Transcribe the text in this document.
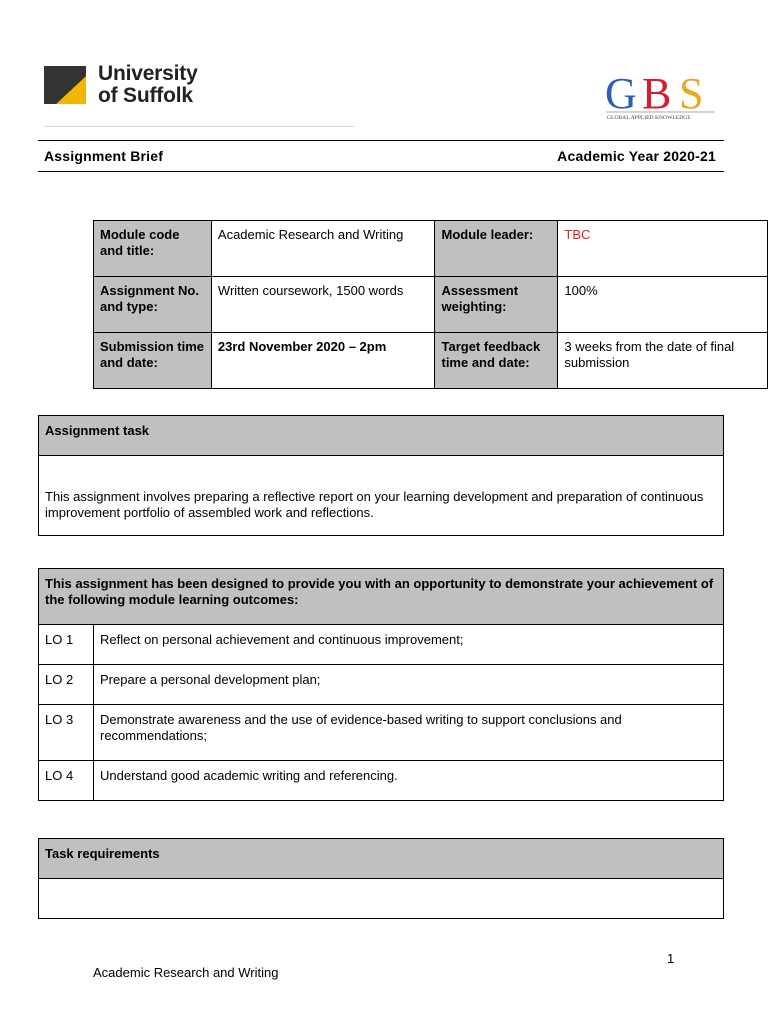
University
of Suffolk	G B S
GLOBAL APPLIED KNOWLEDGE
Assignment Brief	Academic Year 2020-21
Module code and title:	Academic Research and Writing	Module leader:	TBC
Assignment No. and type:	Written coursework, 1500 words	Assessment weighting:	100%
Submission time and date:	23rd November 2020 – 2pm	Target feedback time and date:	3 weeks from the date of final submission
Assignment task
This assignment involves preparing a reflective report on your learning development and preparation of continuous improvement portfolio of assembled work and reflections.
This assignment has been designed to provide you with an opportunity to demonstrate your achievement of the following module learning outcomes:	
LO 1	Reflect on personal achievement and continuous improvement;
LO 2	Prepare a personal development plan;
LO 3	Demonstrate awareness and the use of evidence-based writing to support conclusions and recommendations;
LO 4	Understand good academic writing and referencing.
Task requirements

1
Academic Research and Writing
